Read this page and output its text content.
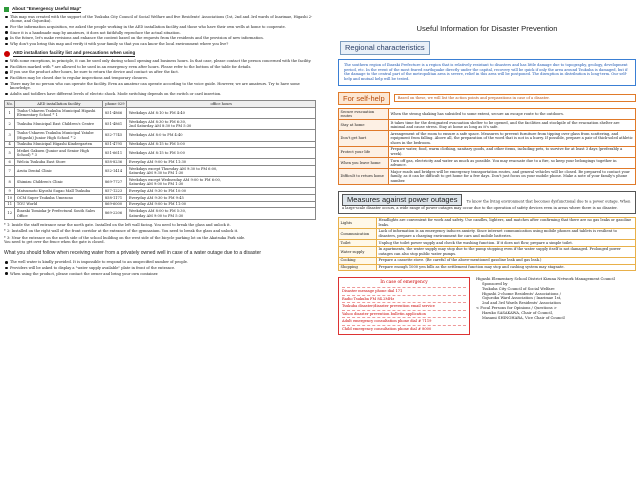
About "Emergency Useful Map"
This map was created with the support of the Tsukuba City Council of Social Welfare and five Residents' Associations (1st, 2nd and 3rd wards of Inarimae, Higashi 2-chome, and Gojuroku).
For the information acquisition, we asked the people working in the AED installation facility and those who have their own wells at home to cooperate.
Since it is a handmade map by amateurs, it does not faithfully reproduce the actual situation.
In the future, let's make revisions and enhance the content based on the requests from the residents and the provision of new information.
Why don't you bring this map and verify it with your family so that you can know the local environment where you live?
AED installation facility list and precautions when using
With some exceptions, in principle, it can be used only during school opening and business hours. In that case, please contact the person concerned with the facility.
Facilities marked with * are allowed to be used in an emergency even after hours. Please refer to the bottom of the table for details.
If you use the product after hours, be sure to return the device and contact us after the fact.
Facilities may be closed due to regular inspections and temporary closures.
There may be no person who can operate the facility. Even an amateur can operate according to the voice guide. However, we are amateurs. Try to have some knowledge.
Adults and toddlers have different levels of electric shock. Mode switching depends on the switch or card insertion.
No.	AED installation facility	phone 029	office hours
1	Tsuba-Uskaven Tsukuba Municipal Higashi Elementary School * 1	851-4866	Weekdays AM 8:10 to PM 4:40
2	Tsukuba Municipal East Children's Centre	851-4861	Weekdays AM 8:30 to PM 6:30,
2nd Saturday AM 8:30 to PM 5:30
3	Tsuba-Uskaven Tsukuba Municipal Yatabe (Higashi) Junior High School * 2	852-7745	Weekdays AM 8:0 to PM 4:40
4	Tsukuba Municipal Higashi Kindergarten	851-4795	Weekdays AM 8:15 to PM 5:00
5	Meikei Gakuen (Junior and Senior High School) * 3	851-6611	Weekdays AM 8:15 to PM 5:00
6	Welcia Tsukuba East Store	858-8236	Everyday AM 9:00 to PM 11:30
7	Aruta Dental Clinic	852-1414	Weekdays except Thursday AM 9:30 to PM 6:00,
Saturday AM 9:30 to PM 1:30
8	Shimizu Children's Clinic	869-7727	Weekdays except Wednesday AM 9:00 to PM 6:00,
Saturday AM 9:00 to PM 1:30
9	Matsumoto Kiyoshi Sugao Mall Tsukuba	857-1223	Everyday AM 9:30 to PM 10:00
10	OCM Super Tsukuba Umezono	858-1171	Everyday AM 9:30 to PM 9:45
11	TOU World	869-6000	Everyday AM 9:00 to PM 11:00
12	Ibaraki Tomioka-Jr Prefectural South Sales Office	869-2206	Weekdays AM 8:00 to PM 5:30,
Saturday AM 9:00 to PM 5:30

* 1: Inside the staff entrance near the north gate. Installed on the left wall facing. You need to break the glass and unlock it.

* 2: Installed on the right wall of the front corridor at the entrance of the gymnasium. You need to break the glass and unlock it.

* 3: Near the entrance on the north side of the school building on the west side of the bicycle parking lot on the Akatsuka Park side.
You need to get over the fence when the gate is closed.

What you should follow when receiving water from a privately owned well in case of a water outage due to a disaster
The well water is kindly provided. It is impossible to respond to an unspecified number of people.
Providers will be asked to display a "water supply available" plate in front of the entrance.
When using the product, please contact the owner and bring your own container.
Useful Information for Disaster Prevention
Regional characteristics
The southern region of Ibaraki Prefecture is a region that is relatively resistant to disasters and has little damage due to topography, geology, development period, etc. In the event of the most feared earthquake directly under the capital, recovery will be quick if only the area around Tsukuba is damaged, but if the damage to the central part of the metropolitan area is severe, relief in this area will be postponed. The disruption in distribution is long-term. Our self-help and mutual help will be tested.
For self-help	Based on these, we will list the action points and preparations in case of a disaster.
Secure evacuation routes	When the strong shaking has subsided to some extent, secure an escape route to the outdoors.
Stay at home	It takes time for the designated evacuation shelter to be opened, and the facilities and stockpile of the evacuation shelter are minimal and cause stress. Stay at home as long as it's safe.
Don't get hurt	Arrangement of the room to ensure a safe space. Measures to prevent furniture from tipping over glass from scattering, and equipment from falling. Above all, the preparation of the word that is not in a hurry. If possible, prepare a pair of thick-soled athletic shoes in the bedroom.
Protect your life	Prepare water, food, warm clothing, sanitary goods, and other items, including pets, to survive for at least 3 days (preferably a week).
When you leave home	Turn off gas, electricity and water as much as possible. You may evacuate due to a fire, so keep your belongings together in advance.
Difficult to return home	Major roads and bridges will be emergency transportation routes, and general vehicles will be closed. Be prepared to contact your family, as it can be difficult to get home for a few days. Don't just focus on your mobile phone. Make a note of your family's phone number.
Measures against power outages	To know the living environment that becomes dysfunctional due to a power outage. When a large-scale disaster occurs, a wide range of power outages may occur due to the operation of safety devices even in areas where there is no disaster.
Lights	Headlights are convenient for work and safety. Use candles, lighters, and matches after confirming that there are no gas leaks or gasoline leaks.
Communication	Lack of information is an emergency induces anxiety. Since internet communication using mobile phones and tablets is resilient to disasters, prepare a charging environment for cars and mobile batteries.
Toilet	Unplug the toilet power supply and check the washing function. If it does not flow, prepare a simple toilet.
Water supply	In apartments, the water supply may stop due to the pump stopping even if the water supply itself is not damaged. Prolonged power outages can also stop public water pumps.
Cooking	Prepare a cassette stove. (Be careful of the above-mentioned gasoline leak and gas leak.)
Shopping	Prepare enough 1000 yen bills as the settlement function may stop and cashing system may stagnate.
In case of emergency
Disaster message phone dial 171
Radio Tsukuba FM 84.2MHz
Tsukuba disaster/disaster prevention email service
Yahoo disaster prevention bulletin application
Adult emergency consultation phone dial # 7119
Child emergency consultation phone dial # 8000
Higashi Elementary School District Kizuna Network Management Council
Sponsored by
Tsukuba City Council of Social Welfare
Higashi 2-chome Residents' Associations /
Gojuroku Ward Association / Inarimae 1st,
2nd and 3rd Wards Residents' Association
< Focal Persons for Opinions / Questions >
Haruko SASAKAWA, Chair of Council,
Masami SHINOHARA, Vice Chair of Council
